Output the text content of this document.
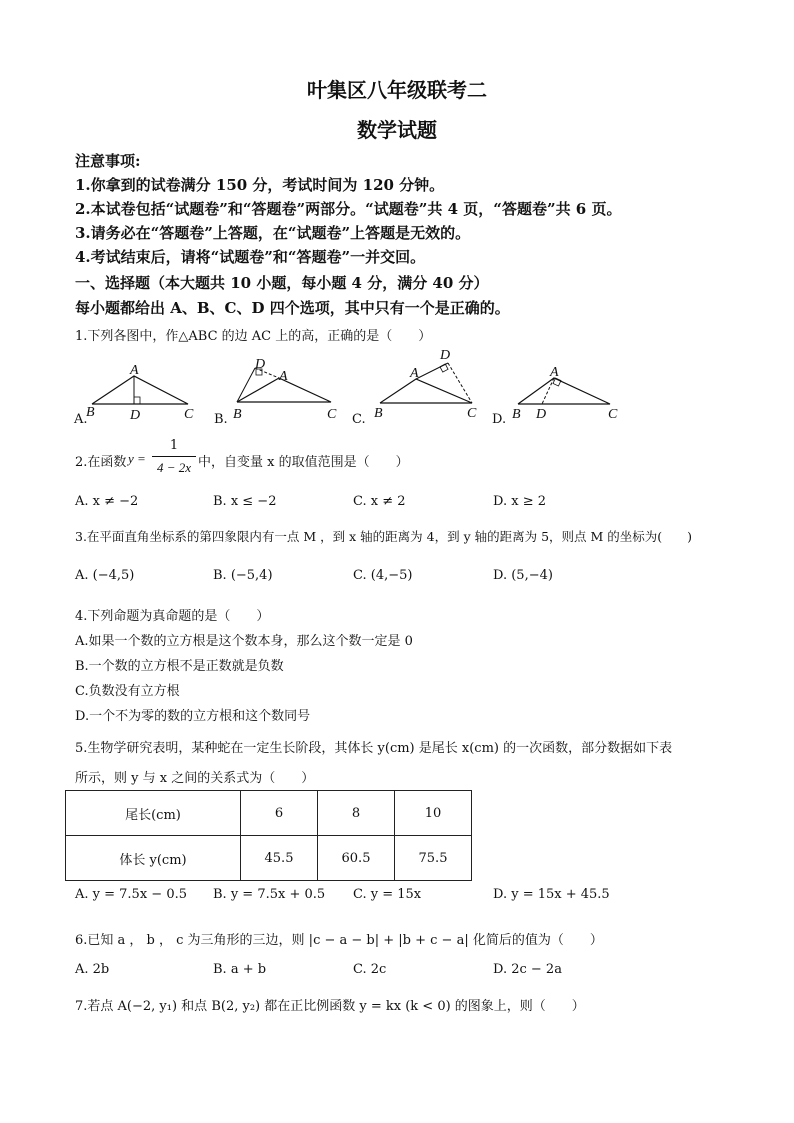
叶集区八年级联考二
数学试题
注意事项:
1.你拿到的试卷满分 150 分，考试时间为 120 分钟。
2.本试卷包括“试题卷”和“答题卷”两部分。“试题卷”共 4 页，“答题卷”共 6 页。
3.请务必在“答题卷”上答题，在“试题卷”上答题是无效的。
4.考试结束后，请将“试题卷”和“答题卷”一并交回。
一、选择题（本大题共 10 小题，每小题 4 分，满分 40 分）
每小题都给出 A、B、C、D 四个选项，其中只有一个是正确的。
1.下列各图中，作△ABC 的边 AC 上的高，正确的是（　　）
A.
A
B	C
D	B.
D
A
B	C C.
D
A
B	C D.
A
B D	C
2.在函数 y =
1
4 − 2x 中，自变量 x 的取值范围是（　　）
A. x ≠ −2	B. x ≤ −2	C. x ≠ 2	D. x ≥ 2
3.在平面直角坐标系的第四象限内有一点 M ，到 x 轴的距离为 4，到 y 轴的距离为 5，则点 M 的坐标为(　　)
A. (−4,5)	B. (−5,4)	C. (4,−5)	D. (5,−4)
4.下列命题为真命题的是（　　）
A.如果一个数的立方根是这个数本身，那么这个数一定是 0
B.一个数的立方根不是正数就是负数
C.负数没有立方根
D.一个不为零的数的立方根和这个数同号
5.生物学研究表明，某种蛇在一定生长阶段，其体长 y(cm) 是尾长 x(cm) 的一次函数，部分数据如下表
所示，则 y 与 x 之间的关系式为（　　）
尾长(cm)	6	8	10
体长 y(cm)	45.5	60.5	75.5
A. y = 7.5x − 0.5 B. y = 7.5x + 0.5 C. y = 15x	D. y = 15x + 45.5
6.已知 a ， b ， c 为三角形的三边，则 |c − a − b| + |b + c − a| 化简后的值为（　　）
A. 2b	B. a + b	C. 2c	D. 2c − 2a
7.若点 A(−2, y₁) 和点 B(2, y₂) 都在正比例函数 y = kx (k < 0) 的图象上，则（　　）
